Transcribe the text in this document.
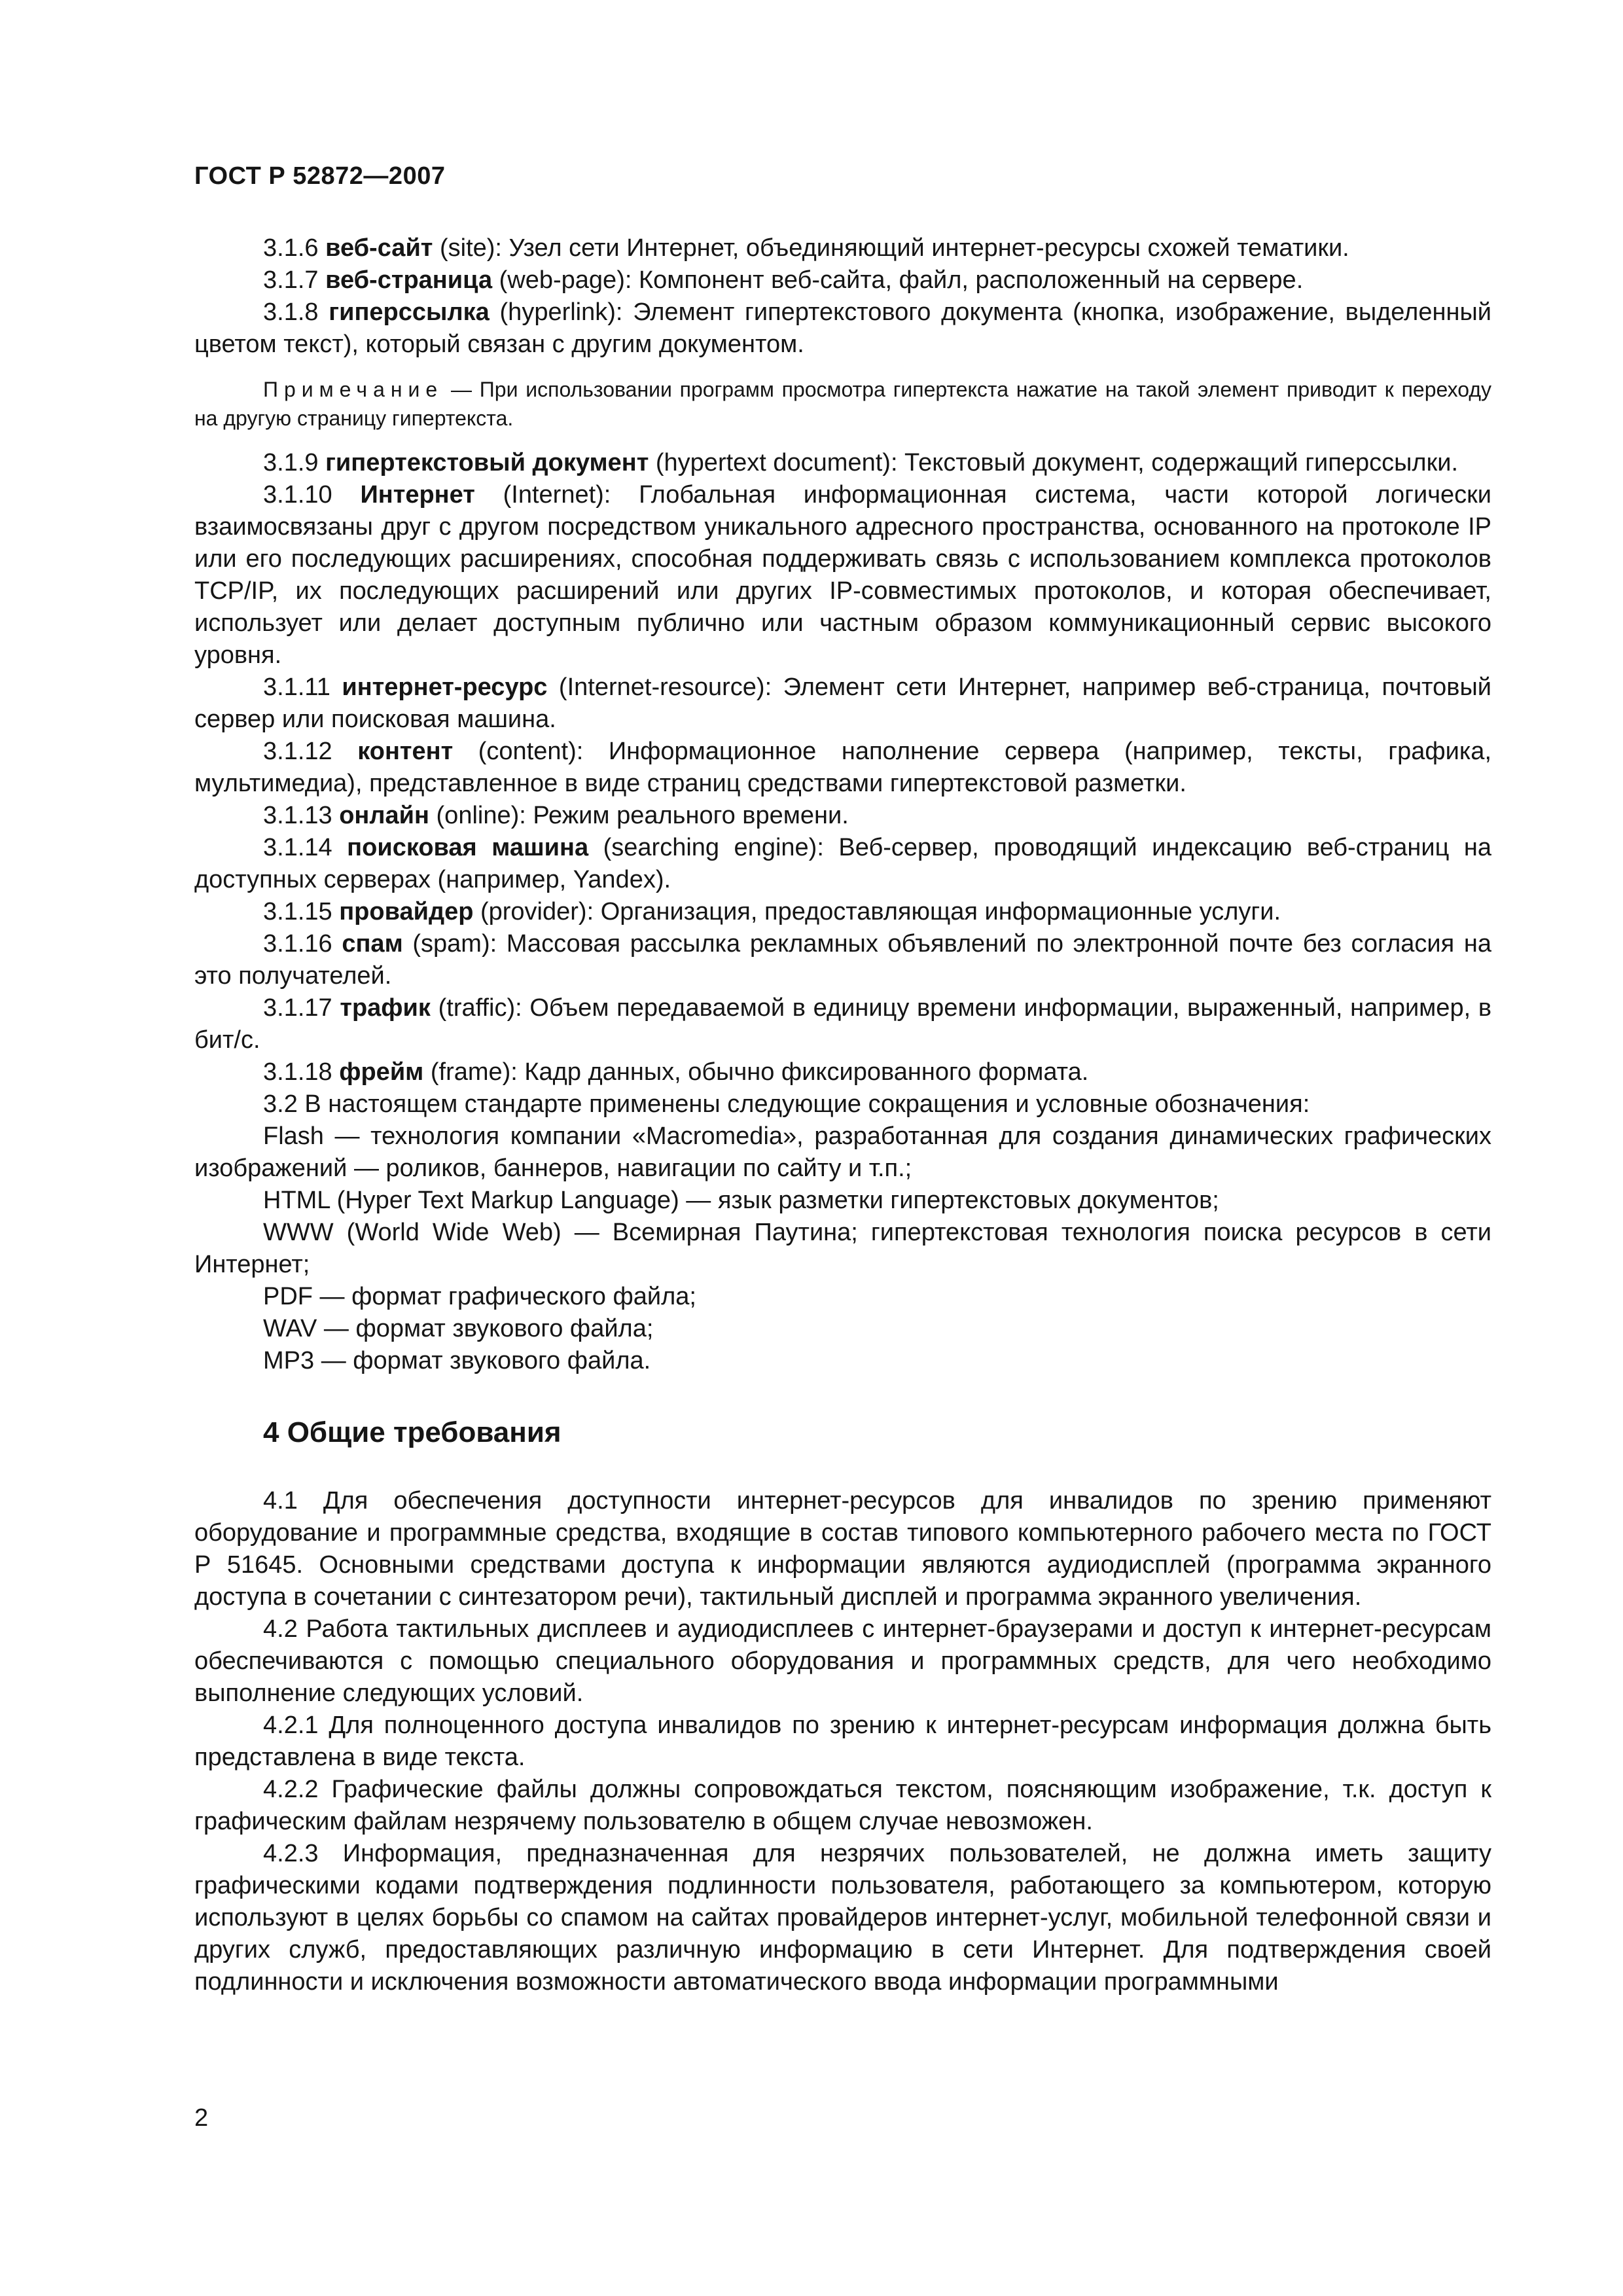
ГОСТ Р 52872—2007

3.1.6 веб-сайт (site): Узел сети Интернет, объединяющий интернет-ресурсы схожей тематики.

3.1.7 веб-страница (web-page): Компонент веб-сайта, файл, расположенный на сервере.

3.1.8 гиперссылка (hyperlink): Элемент гипертекстового документа (кнопка, изображение, выделенный цветом текст), который связан с другим документом.

Примечание — При использовании программ просмотра гипертекста нажатие на такой элемент приводит к переходу на другую страницу гипертекста.

3.1.9 гипертекстовый документ (hypertext document): Текстовый документ, содержащий гиперссылки.

3.1.10 Интернет (Internet): Глобальная информационная система, части которой логически взаимосвязаны друг с другом посредством уникального адресного пространства, основанного на протоколе IP или его последующих расширениях, способная поддерживать связь с использованием комплекса протоколов TCP/IP, их последующих расширений или других IP-совместимых протоколов, и которая обеспечивает, использует или делает доступным публично или частным образом коммуникационный сервис высокого уровня.

3.1.11 интернет-ресурс (Internet-resource): Элемент сети Интернет, например веб-страница, почтовый сервер или поисковая машина.

3.1.12 контент (content): Информационное наполнение сервера (например, тексты, графика, мультимедиа), представленное в виде страниц средствами гипертекстовой разметки.

3.1.13 онлайн (online): Режим реального времени.

3.1.14 поисковая машина (searching engine): Веб-сервер, проводящий индексацию веб-страниц на доступных серверах (например, Yandex).

3.1.15 провайдер (provider): Организация, предоставляющая информационные услуги.

3.1.16 спам (spam): Массовая рассылка рекламных объявлений по электронной почте без согласия на это получателей.

3.1.17 трафик (traffic): Объем передаваемой в единицу времени информации, выраженный, например, в бит/с.

3.1.18 фрейм (frame): Кадр данных, обычно фиксированного формата.

3.2 В настоящем стандарте применены следующие сокращения и условные обозначения:

Flash — технология компании «Macromedia», разработанная для создания динамических графических изображений — роликов, баннеров, навигации по сайту и т.п.;

HTML (Hyper Text Markup Language) — язык разметки гипертекстовых документов;

WWW (World Wide Web) — Всемирная Паутина; гипертекстовая технология поиска ресурсов в сети Интернет;

PDF — формат графического файла;

WAV — формат звукового файла;

MP3 — формат звукового файла.

4 Общие требования

4.1 Для обеспечения доступности интернет-ресурсов для инвалидов по зрению применяют оборудование и программные средства, входящие в состав типового компьютерного рабочего места по ГОСТ Р 51645. Основными средствами доступа к информации являются аудиодисплей (программа экранного доступа в сочетании с синтезатором речи), тактильный дисплей и программа экранного увеличения.

4.2 Работа тактильных дисплеев и аудиодисплеев с интернет-браузерами и доступ к интернет-ресурсам обеспечиваются с помощью специального оборудования и программных средств, для чего необходимо выполнение следующих условий.

4.2.1 Для полноценного доступа инвалидов по зрению к интернет-ресурсам информация должна быть представлена в виде текста.

4.2.2 Графические файлы должны сопровождаться текстом, поясняющим изображение, т.к. доступ к графическим файлам незрячему пользователю в общем случае невозможен.

4.2.3 Информация, предназначенная для незрячих пользователей, не должна иметь защиту графическими кодами подтверждения подлинности пользователя, работающего за компьютером, которую используют в целях борьбы со спамом на сайтах провайдеров интернет-услуг, мобильной телефонной связи и других служб, предоставляющих различную информацию в сети Интернет. Для подтверждения своей подлинности и исключения возможности автоматического ввода информации программными

2
